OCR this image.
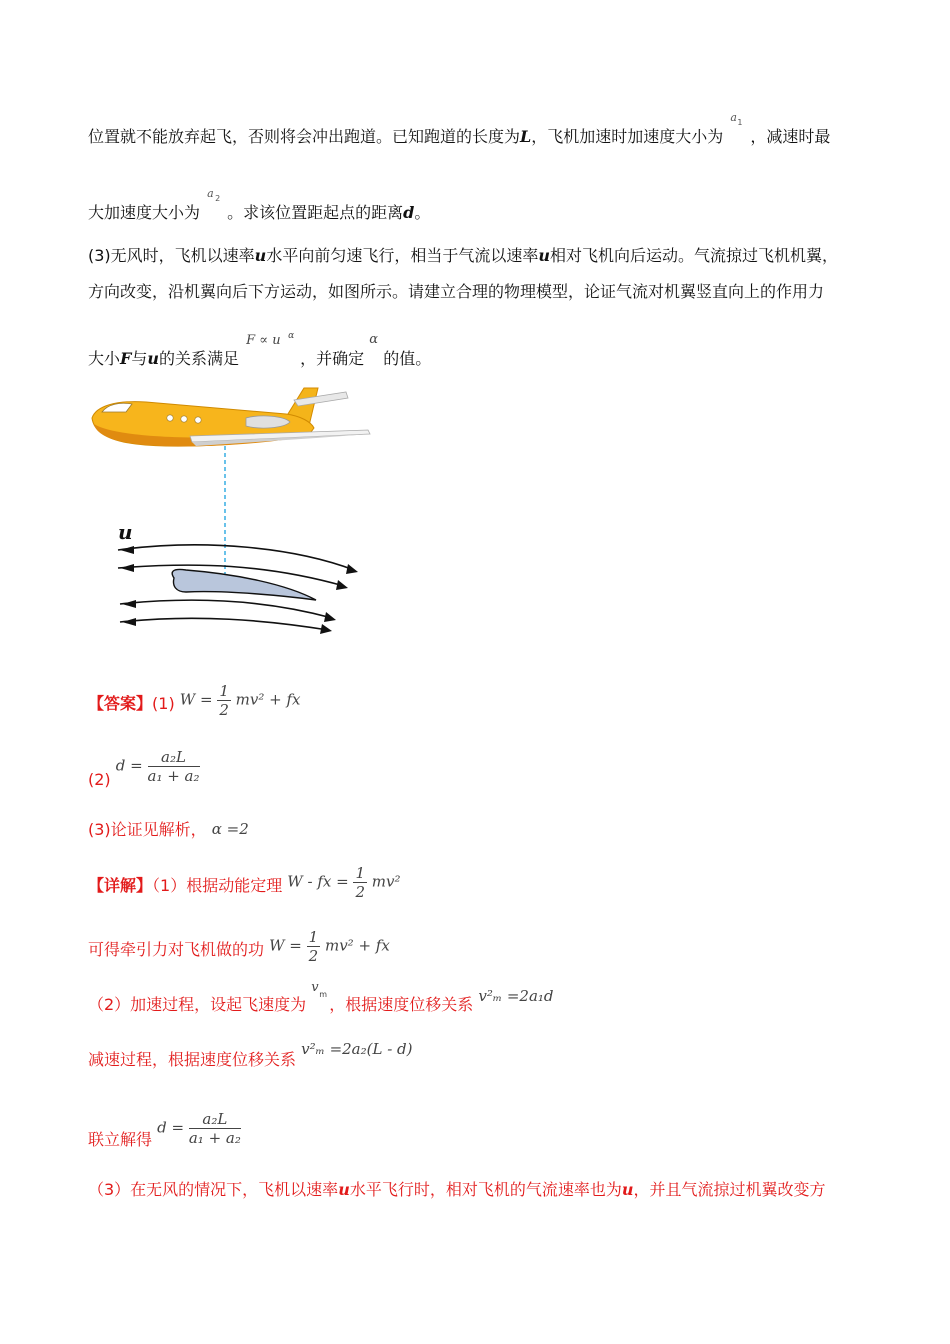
位置就不能放弃起飞，否则将会冲出跑道。已知跑道的长度为L，飞机加速时加速度大小为
a 1
，减速时最
大加速度大小为
a 2
。求该位置距起点的距离d。
(3)无风时，飞机以速率u水平向前匀速飞行，相当于气流以速率u相对飞机向后运动。气流掠过飞机机翼，
方向改变，沿机翼向后下方运动，如图所示。请建立合理的物理模型，论证气流对机翼竖直向上的作用力
大小F与u的关系满足
F ∝ u α
，并确定
α
的值。
u
【答案】(1) $W = \frac{1}{2} mv^2$ + fx
(2) $d = \frac{\text{a₂L}}{\text{a₁ + a₂}}$
(3)论证见解析， α =2
【详解】（1）根据动能定理 W - fx = $\frac{1}{2} mv^2$
可得牵引力对飞机做的功 $W = \frac{1}{2} mv^2$ + fx
（2）加速过程，设起飞速度为
v m
，根据速度位移关系 v²ₘ =2a₁d
减速过程，根据速度位移关系 v²ₘ =2a₂(L - d)
联立解得 $d = \frac{\text{a₂L}}{\text{a₁ + a₂}}$
（3）在无风的情况下，飞机以速率u水平飞行时，相对飞机的气流速率也为u，并且气流掠过机翼改变方
